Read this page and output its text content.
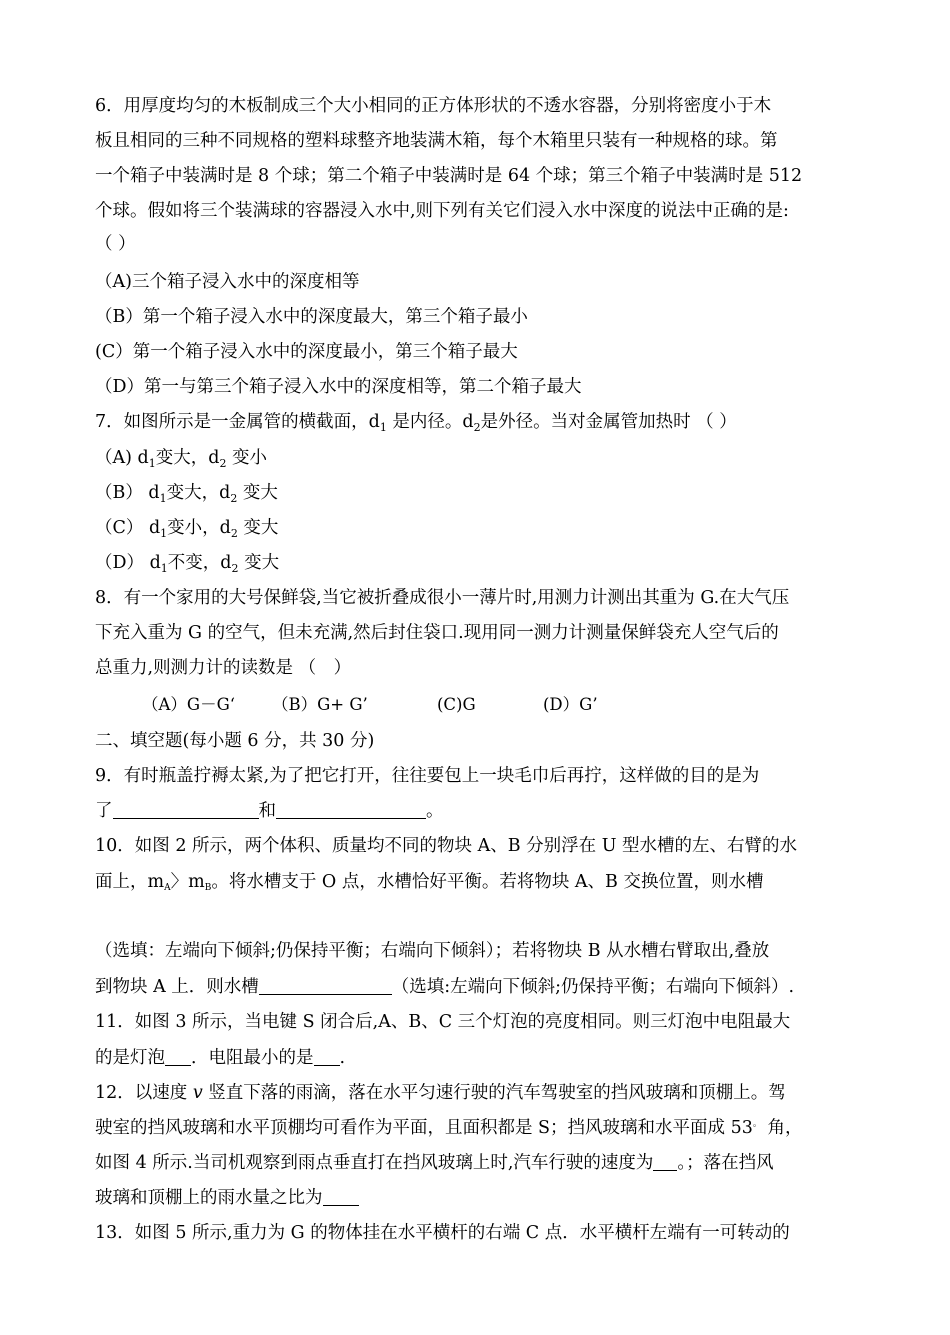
6．用厚度均匀的木板制成三个大小相同的正方体形状的不透水容器，分别将密度小于木

板且相同的三种不同规格的塑料球整齐地装满木箱，每个木箱里只装有一种规格的球。第

一个箱子中装满时是 8 个球；第二个箱子中装满时是 64 个球；第三个箱子中装满时是 512

个球。假如将三个装满球的容器浸入水中,则下列有关它们浸入水中深度的说法中正确的是:

（ ）

（A)三个箱子浸入水中的深度相等

（B）第一个箱子浸入水中的深度最大，第三个箱子最小

(C）第一个箱子浸入水中的深度最小，第三个箱子最大

（D）第一与第三个箱子浸入水中的深度相等，第二个箱子最大

7．如图所示是一金属管的横截面，$d_1$ 是内径。$d_2$是外径。当对金属管加热时 （ ）

（A) $d_1$变大，$d_2$ 变小

（B） $d_1$变大，$d_2$ 变大

（C） $d_1$变小，$d_2$ 变大

（D） $d_1$不变，$d_2$ 变大

8．有一个家用的大号保鲜袋,当它被折叠成很小一薄片时,用测力计测出其重为 G.在大气压

下充入重为 G 的空气，但未充满,然后封住袋口.现用同一测力计测量保鲜袋充人空气后的

总重力,则测力计的读数是 （　）

（A）G－G‘ （B）G+ G’	(C)G	(D）G’

二、填空题(每小题 6 分，共 30 分)

9．有时瓶盖拧褥太紧,为了把它打开，往往要包上一块毛巾后再拧，这样做的目的是为

了	和	。

10．如图 2 所示，两个体积、质量均不同的物块 A、B 分别浮在 U 型水槽的左、右臂的水

面上，mA〉mB。将水槽支于 O 点，水槽恰好平衡。若将物块 A、B 交换位置，则水槽

（选填：左端向下倾斜;仍保持平衡；右端向下倾斜）；若将物块 B 从水槽右臂取出,叠放

到物块 A 上．则水槽	（选填:左端向下倾斜;仍保持平衡；右端向下倾斜）.

11．如图 3 所示，当电键 S 闭合后,A、B、C 三个灯泡的亮度相同。则三灯泡中电阻最大

的是灯泡 ．电阻最小的是 .

12．以速度 v 竖直下落的雨滴，落在水平匀速行驶的汽车驾驶室的挡风玻璃和顶棚上。驾

驶室的挡风玻璃和水平顶棚均可看作为平面，且面积都是 S；挡风玻璃和水平面成 53。 角，

如图 4 所示.当司机观察到雨点垂直打在挡风玻璃上时,汽车行驶的速度为 。；落在挡风

玻璃和顶棚上的雨水量之比为

13．如图 5 所示,重力为 G 的物体挂在水平横杆的右端 C 点．水平横杆左端有一可转动的
